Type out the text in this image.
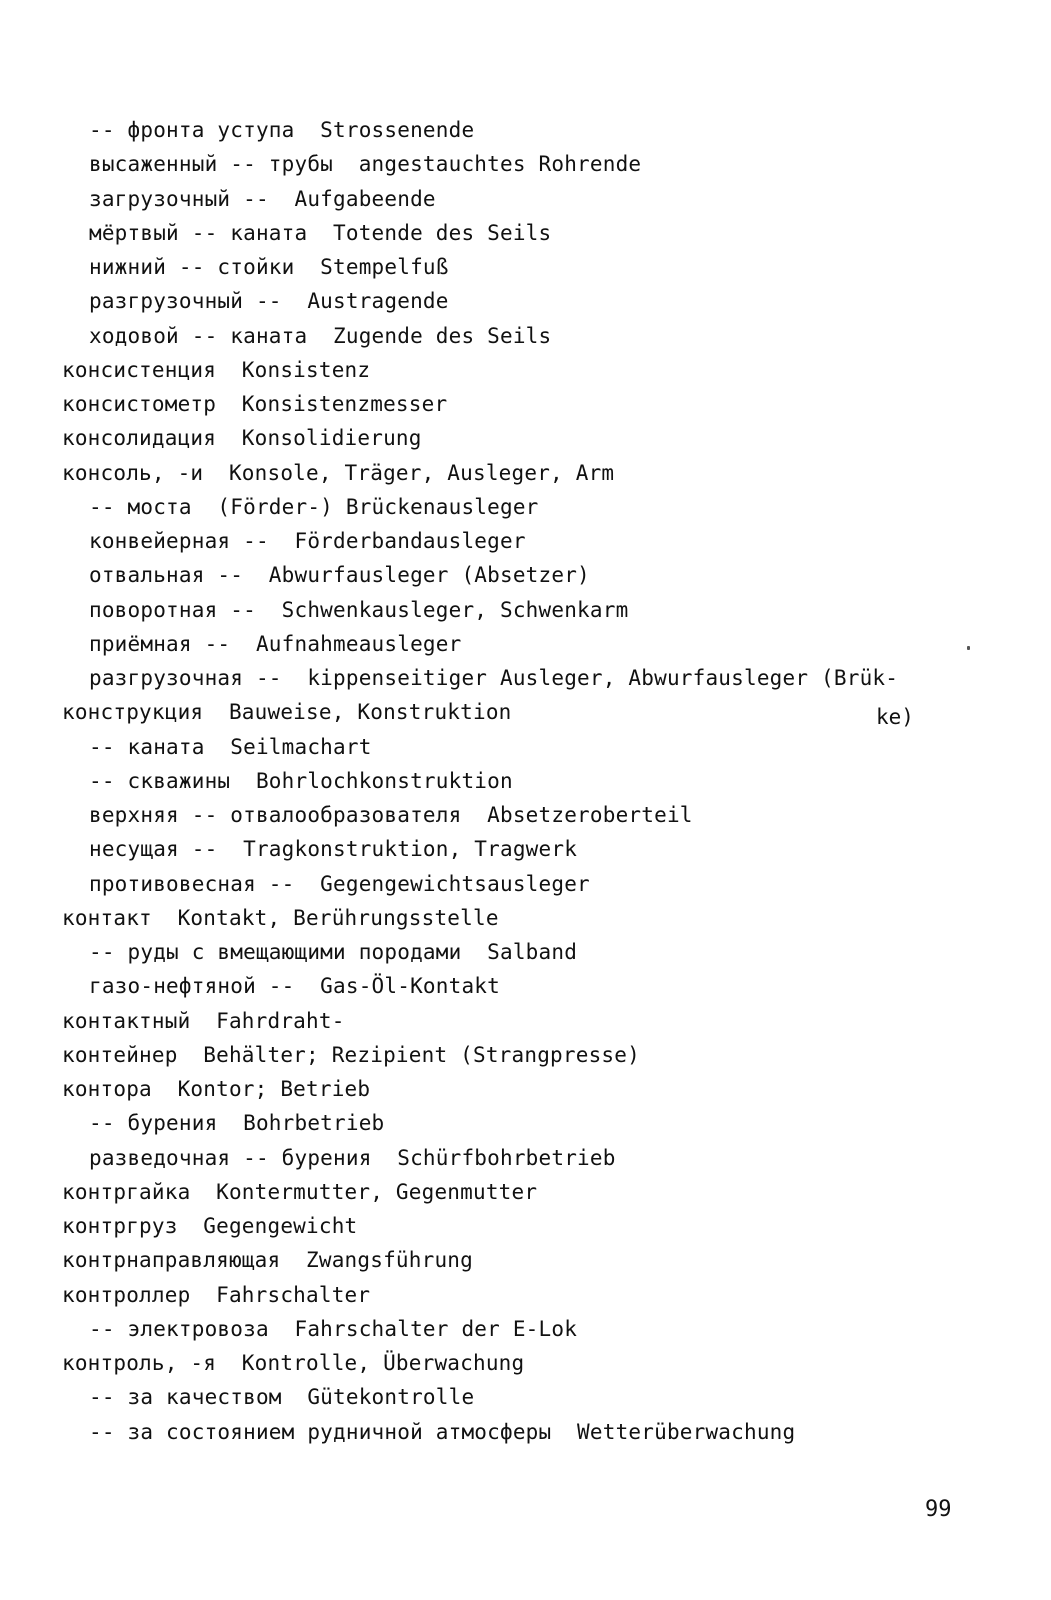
-- фронта уступа  Strossenende
высаженный -- трубы  angestauchtes Rohrende
загрузочный --  Aufgabeende
мёртвый -- каната  Totende des Seils
нижний -- стойки  Stempelfuß
разгрузочный --  Austragende
ходовой -- каната  Zugende des Seils
консистенция  Konsistenz
консистометр  Konsistenzmesser
консолидация  Konsolidierung
консоль, -и  Konsole, Träger, Ausleger, Arm
-- моста  (Förder-) Brückenausleger
конвейерная --  Förderbandausleger
отвальная --  Abwurfausleger (Absetzer)
поворотная --  Schwenkausleger, Schwenkarm
приёмная --  Aufnahmeausleger
разгрузочная --  kippenseitiger Ausleger, Abwurfausleger (Brük-
конструкция  Bauweise, Konstruktion
-- каната  Seilmachart
-- скважины  Bohrlochkonstruktion
верхняя -- отвалообразователя  Absetzeroberteil
несущая --  Tragkonstruktion, Tragwerk
противовесная --  Gegengewichtsausleger
контакт  Kontakt, Berührungsstelle
-- руды с вмещающими породами  Salband
газо-нефтяной --  Gas-Öl-Kontakt
контактный  Fahrdraht-
контейнер  Behälter; Rezipient (Strangpresse)
контора  Kontor; Betrieb
-- бурения  Bohrbetrieb
разведочная -- бурения  Schürfbohrbetrieb
контргайка  Kontermutter, Gegenmutter
контргруз  Gegengewicht
контрнаправляющая  Zwangsführung
контроллер  Fahrschalter
-- электровоза  Fahrschalter der E-Lok
контроль, -я  Kontrolle, Überwachung
-- за качеством  Gütekontrolle
-- за состоянием рудничной атмосферы  Wetterüberwachung
ke)
99
